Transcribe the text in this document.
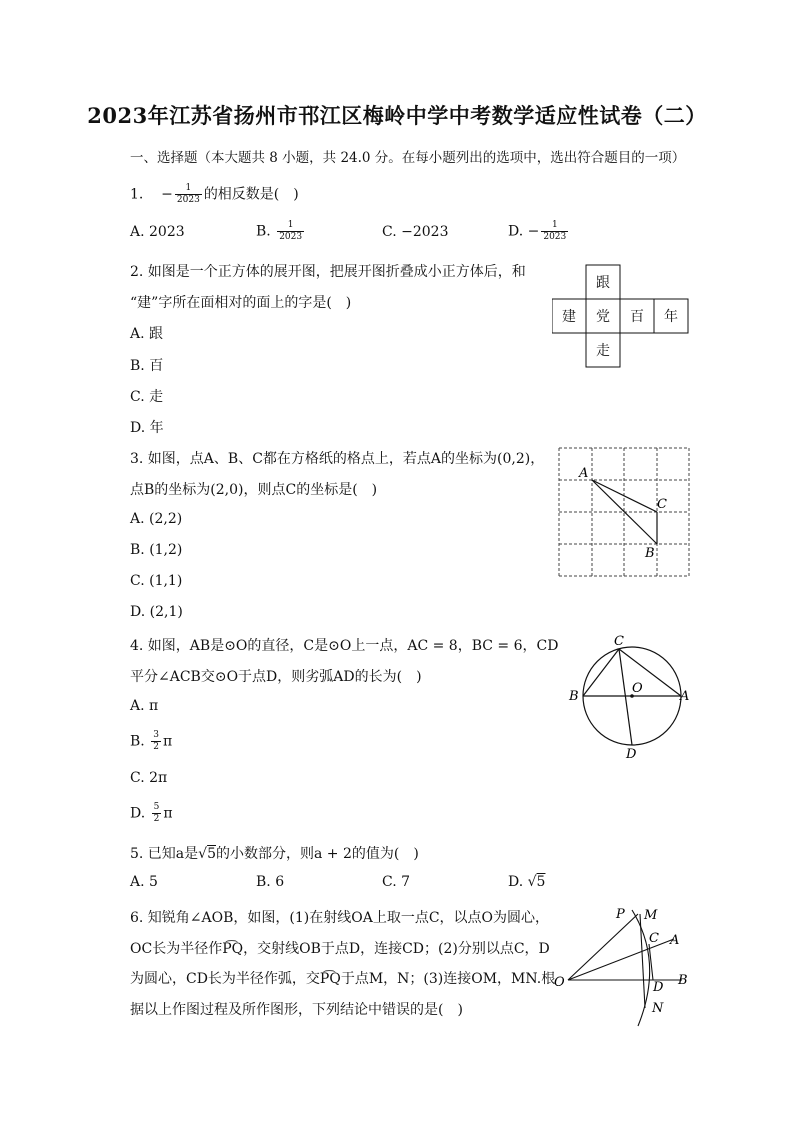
2023年江苏省扬州市邗江区梅岭中学中考数学适应性试卷（二）
一、选择题（本大题共 8 小题，共 24.0 分。在每小题列出的选项中，选出符合题目的一项）
1. − $\frac{1}{2023}$ 的相反数是(　)
A. 2023	B. $\frac{1}{2023}$	C. −2023	D. − $\frac{1}{2023}$
2. 如图是一个正方体的展开图，把展开图折叠成小正方体后，和
“建”字所在面相对的面上的字是(　)
A. 跟
B. 百
C. 走
D. 年
跟
建 党 百 年
走
3. 如图，点A、B、C都在方格纸的格点上，若点A的坐标为(0,2)，
点B的坐标为(2,0)，则点C的坐标是(　)
A. (2,2)
B. (1,2)
C. (1,1)
D. (2,1)
A
C
B
4. 如图，AB是⊙O的直径，C是⊙O上一点，AC = 8，BC = 6，CD
平分∠ACB交⊙O于点D，则劣弧AD的长为(　)
A. π
B. $\frac{3}{2}$ π
C. 2π
D. $\frac{5}{2}$ π
C
B	A
O
D
5. 已知a是√5的小数部分，则a + 2的值为(　)
A. 5	B. 6	C. 7	D. √5
6. 知锐角∠AOB，如图，(1)在射线OA上取一点C，以点O为圆心，
OC长为半径作P͡Q，交射线OB于点D，连接CD；(2)分别以点C，D
为圆心，CD长为半径作弧，交P͡Q于点M，N；(3)连接OM，MN.根
据以上作图过程及所作图形，下列结论中错误的是(　)
P M
C A
O	B
D
N
